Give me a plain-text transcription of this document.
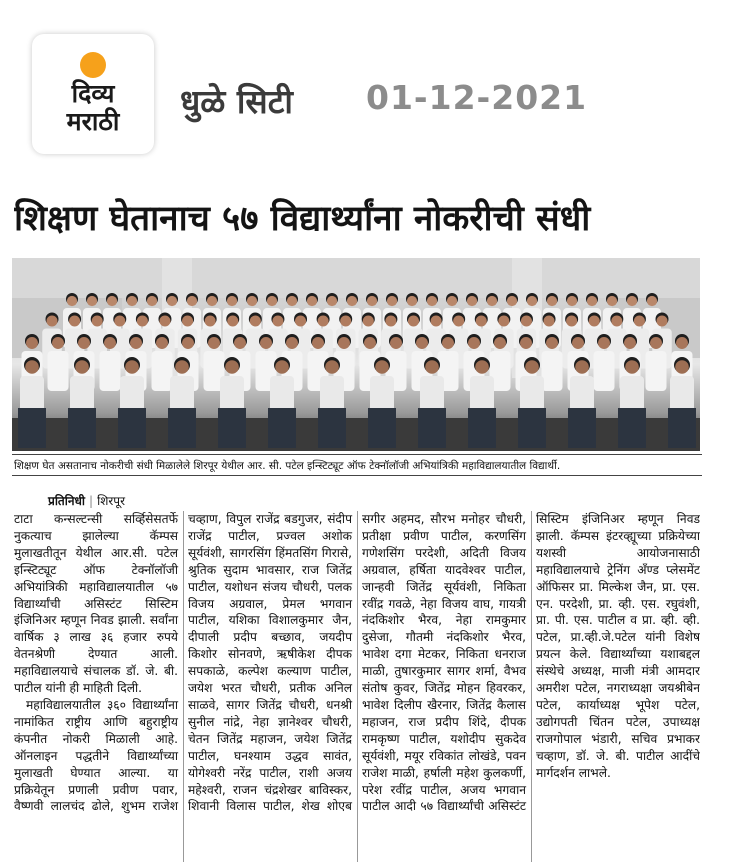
दिव्य
मराठी
धुळे सिटी 01-12-2021
शिक्षण घेतानाच ५७ विद्यार्थ्यांना नोकरीची संधी
शिक्षण घेत असतानाच नोकरीची संधी मिळालेले शिरपूर येथील आर. सी. पटेल इन्स्टिट्यूट ऑफ टेक्नॉलॉजी अभियांत्रिकी महाविद्यालयातील विद्यार्थी.
प्रतिनिधी | शिरपूर

टाटा कन्सल्टन्सी सर्व्हिसेसतर्फे नुकत्याच झालेल्या कॅम्पस मुलाखतीतून येथील आर.सी. पटेल इन्स्टिट्यूट ऑफ टेक्नॉलॉजी अभियांत्रिकी महाविद्यालयातील ५७ विद्यार्थ्यांची असिस्टंट सिस्टिम इंजिनिअर म्हणून निवड झाली. सर्वांना वार्षिक ३ लाख ३६ हजार रुपये वेतनश्रेणी देण्यात आली. महाविद्यालयाचे संचालक डॉ. जे. बी. पाटील यांनी ही माहिती दिली.

महाविद्यालयातील ३६० विद्यार्थ्यांना नामांकित राष्ट्रीय आणि बहुराष्ट्रीय कंपनीत नोकरी मिळाली आहे. ऑनलाइन पद्धतीने विद्यार्थ्यांच्या मुलाखती घेण्यात आल्या. या प्रक्रियेतून प्रणाली प्रवीण पवार, वैष्णवी लालचंद ढोले, शुभम राजेश चव्हाण, विपुल राजेंद्र बडगुजर, संदीप राजेंद्र पाटील, प्रज्वल अशोक सूर्यवंशी, सागरसिंग हिंमतसिंग गिरासे, श्रुतिक सुदाम भावसार, राज जितेंद्र पाटील, यशोधन संजय चौधरी, पलक विजय अग्रवाल, प्रेमल भगवान पाटील, यशिका विशालकुमार जैन, दीपाली प्रदीप बच्छाव, जयदीप किशोर सोनवणे, ऋषीकेश दीपक सपकाळे, कल्पेश कल्याण पाटील, जयेश भरत चौधरी, प्रतीक अनिल साळवे, सागर जितेंद्र चौधरी, धनश्री सुनील नांद्रे, नेहा ज्ञानेश्वर चौधरी, चेतन जितेंद्र महाजन, जयेश जितेंद्र पाटील, घनश्याम उद्धव सावंत, योगेश्वरी नरेंद्र पाटील, राशी अजय महेश्वरी, राजन चंद्रशेखर बाविस्कर, शिवानी विलास पाटील, शेख शोएब सगीर अहमद, सौरभ मनोहर चौधरी, प्रतीक्षा प्रवीण पाटील, करणसिंग गणेशसिंग परदेशी, अदिती विजय अग्रवाल, हर्षिता यादवेश्वर पाटील, जान्हवी जितेंद्र सूर्यवंशी, निकिता रवींद्र गवळे, नेहा विजय वाघ, गायत्री नंदकिशोर भैरव, नेहा रामकुमार दुसेजा, गौतमी नंदकिशोर भैरव, भावेश दगा मेटकर, निकिता धनराज माळी, तुषारकुमार सागर शर्मा, वैभव संतोष कुवर, जितेंद्र मोहन हिवरकर, भावेश दिलीप खैरनार, जितेंद्र कैलास महाजन, राज प्रदीप शिंदे, दीपक रामकृष्ण पाटील, यशोदीप सुकदेव सूर्यवंशी, मयूर रविकांत लोखंडे, पवन राजेश माळी, हर्षाली महेश कुलकर्णी, परेश रवींद्र पाटील, अजय भगवान पाटील आदी ५७ विद्यार्थ्यांची असिस्टंट सिस्टिम इंजिनिअर म्हणून निवड झाली. कॅम्पस इंटरव्ह्यूच्या प्रक्रियेच्या यशस्वी आयोजनासाठी महाविद्यालयाचे ट्रेनिंग अँण्ड प्लेसमेंट ऑफिसर प्रा. मिल्केश जैन, प्रा. एस. एन. परदेशी, प्रा. व्ही. एस. रघुवंशी, प्रा. पी. एस. पाटील व प्रा. व्ही. व्ही. पटेल, प्रा.व्ही.जे.पटेल यांनी विशेष प्रयत्न केले. विद्यार्थ्यांच्या यशाबद्दल संस्थेचे अध्यक्ष, माजी मंत्री आमदार अमरीश पटेल, नगराध्यक्षा जयश्रीबेन पटेल, कार्याध्यक्ष भूपेश पटेल, उद्योगपती चिंतन पटेल, उपाध्यक्ष राजगोपाल भंडारी, सचिव प्रभाकर चव्हाण, डॉ. जे. बी. पाटील आदींचे मार्गदर्शन लाभले.
